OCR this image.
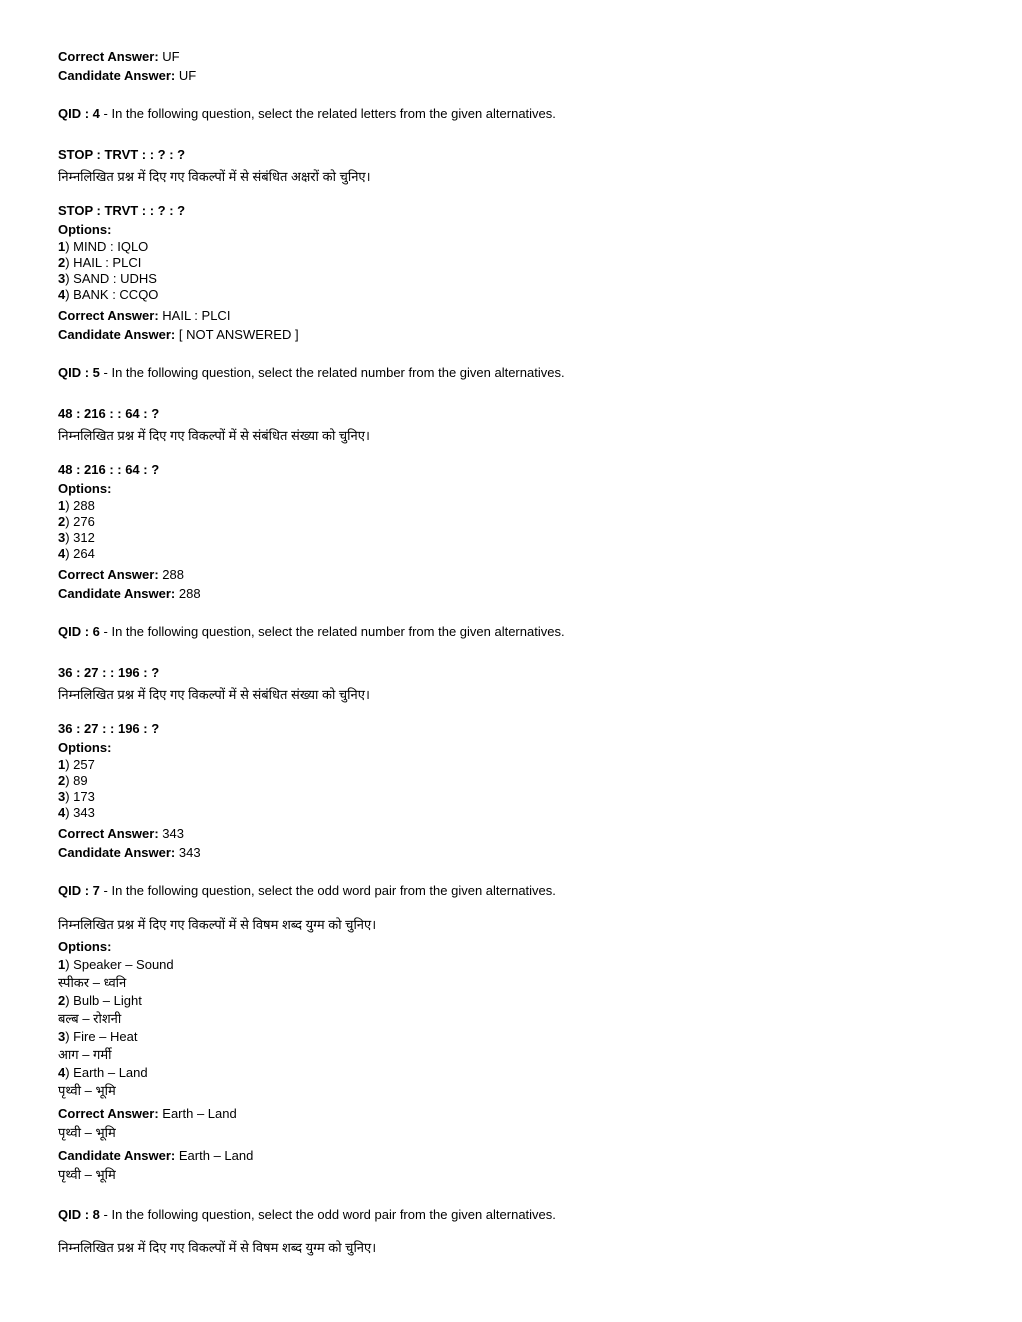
Correct Answer: UF

Candidate Answer: UF

QID : 4 - In the following question, select the related letters from the given alternatives.

STOP : TRVT : : ? : ?

निम्नलिखित प्रश्न में दिए गए विकल्पों में से संबंधित अक्षरों को चुनिए।

STOP : TRVT : : ? : ?

Options:

1) MIND : IQLO

2) HAIL : PLCI

3) SAND : UDHS

4) BANK : CCQO

Correct Answer: HAIL : PLCI

Candidate Answer: [ NOT ANSWERED ]

QID : 5 - In the following question, select the related number from the given alternatives.

48 : 216 : : 64 : ?

निम्नलिखित प्रश्न में दिए गए विकल्पों में से संबंधित संख्या को चुनिए।

48 : 216 : : 64 : ?

Options:

1) 288

2) 276

3) 312

4) 264

Correct Answer: 288

Candidate Answer: 288

QID : 6 - In the following question, select the related number from the given alternatives.

36 : 27 : : 196 : ?

निम्नलिखित प्रश्न में दिए गए विकल्पों में से संबंधित संख्या को चुनिए।

36 : 27 : : 196 : ?

Options:

1) 257

2) 89

3) 173

4) 343

Correct Answer: 343

Candidate Answer: 343

QID : 7 - In the following question, select the odd word pair from the given alternatives.

निम्नलिखित प्रश्न में दिए गए विकल्पों में से विषम शब्द युग्म को चुनिए।

Options:

1) Speaker – Sound

स्पीकर – ध्वनि

2) Bulb – Light

बल्ब – रोशनी

3) Fire – Heat

आग – गर्मी

4) Earth – Land

पृथ्वी – भूमि

Correct Answer: Earth – Land

पृथ्वी – भूमि

Candidate Answer: Earth – Land

पृथ्वी – भूमि

QID : 8 - In the following question, select the odd word pair from the given alternatives.

निम्नलिखित प्रश्न में दिए गए विकल्पों में से विषम शब्द युग्म को चुनिए।
